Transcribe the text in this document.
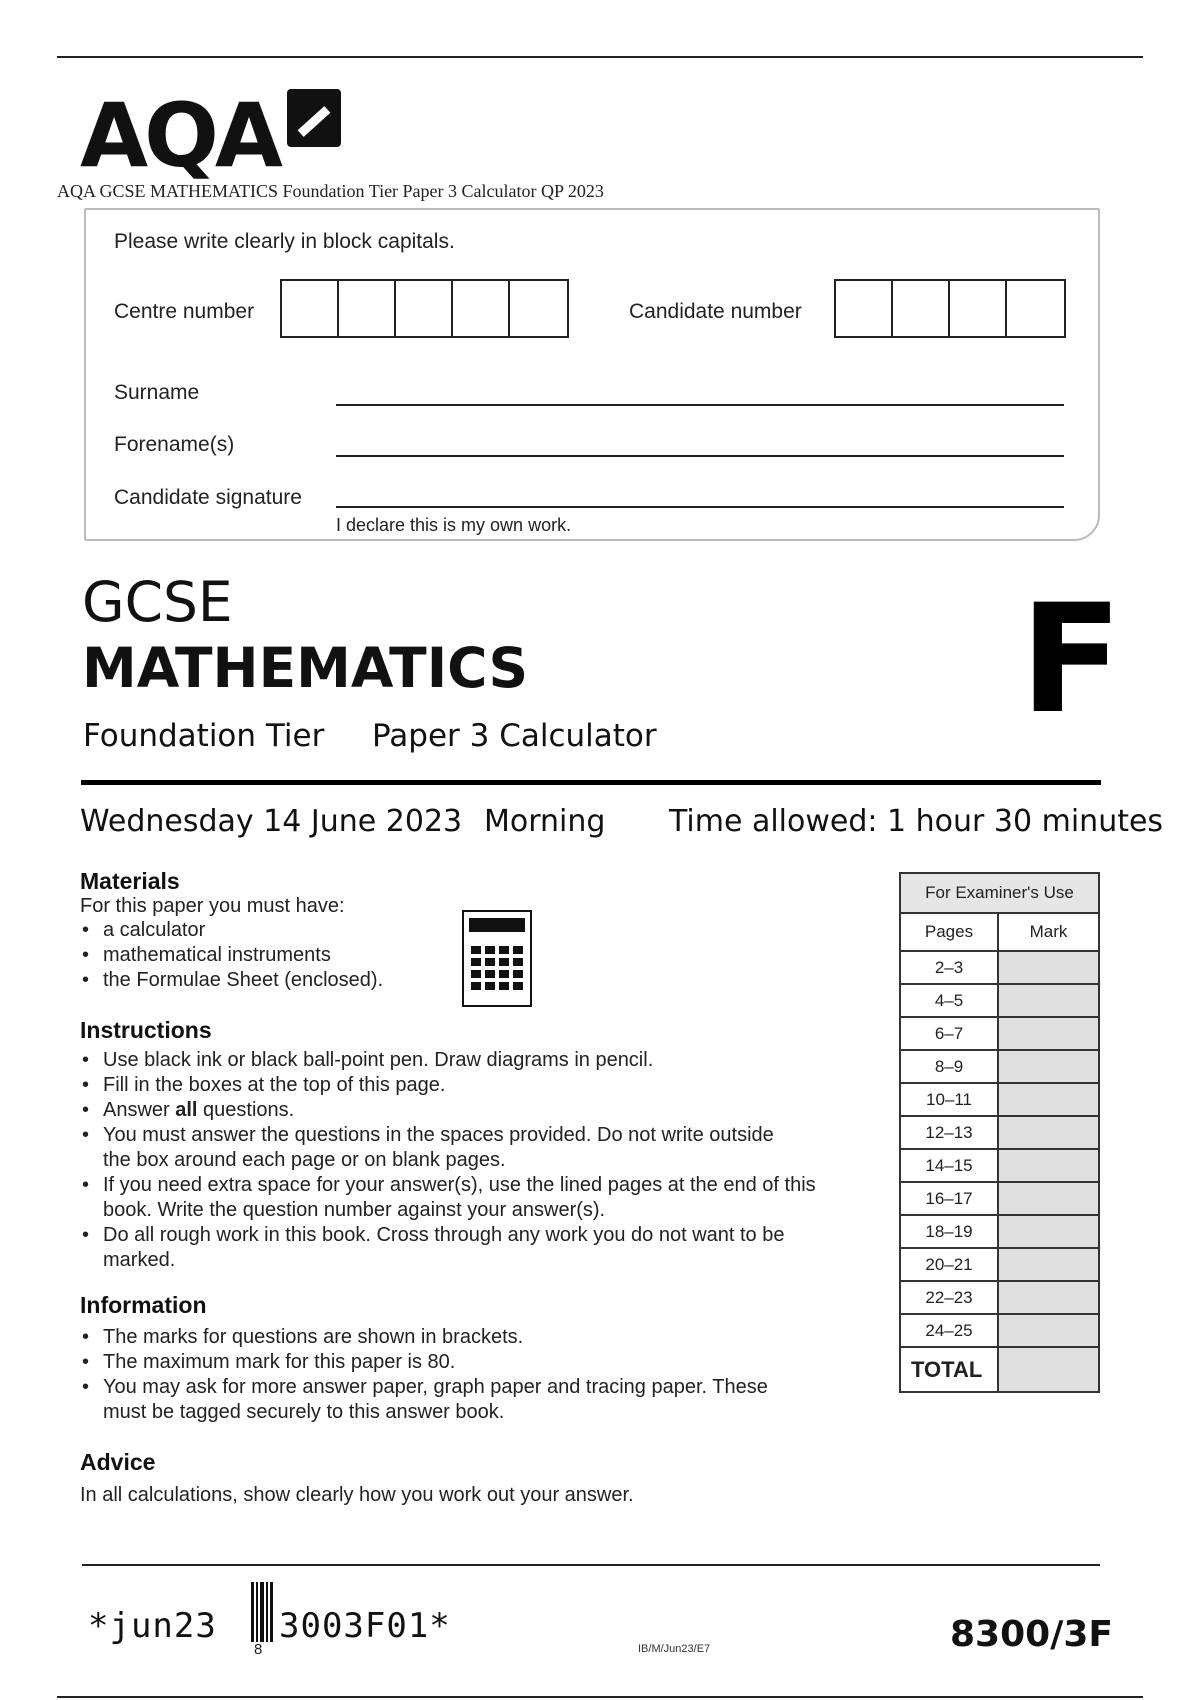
AQA
AQA GCSE MATHEMATICS Foundation Tier Paper 3 Calculator QP 2023
Please write clearly in block capitals.
Centre number	Candidate number
Surname
Forename(s)
Candidate signature
I declare this is my own work.
GCSE
MATHEMATICS
Foundation Tier Paper 3 Calculator F
Wednesday 14 June 2023 Morning Time allowed: 1 hour 30 minutes
Materials
For this paper you must have:
• a calculator
• mathematical instruments
• the Formulae Sheet (enclosed).
Instructions
• Use black ink or black ball-point pen. Draw diagrams in pencil.
• Fill in the boxes at the top of this page.
• Answer all questions.
• You must answer the questions in the spaces provided. Do not write outside the box around each page or on blank pages.
• If you need extra space for your answer(s), use the lined pages at the end of this book. Write the question number against your answer(s).
• Do all rough work in this book. Cross through any work you do not want to be marked.
Information
• The marks for questions are shown in brackets.
• The maximum mark for this paper is 80.
• You may ask for more answer paper, graph paper and tracing paper. These must be tagged securely to this answer book.
Advice
In all calculations, show clearly how you work out your answer.
For Examiner's Use	
Pages	Mark
2–3	
4–5	
6–7	
8–9	
10–11	
12–13	
14–15	
16–17	
18–19	
20–21	
22–23	
24–25	
TOTAL	
*jun23 3003F01*
8	IB/M/Jun23/E7	8300/3F
